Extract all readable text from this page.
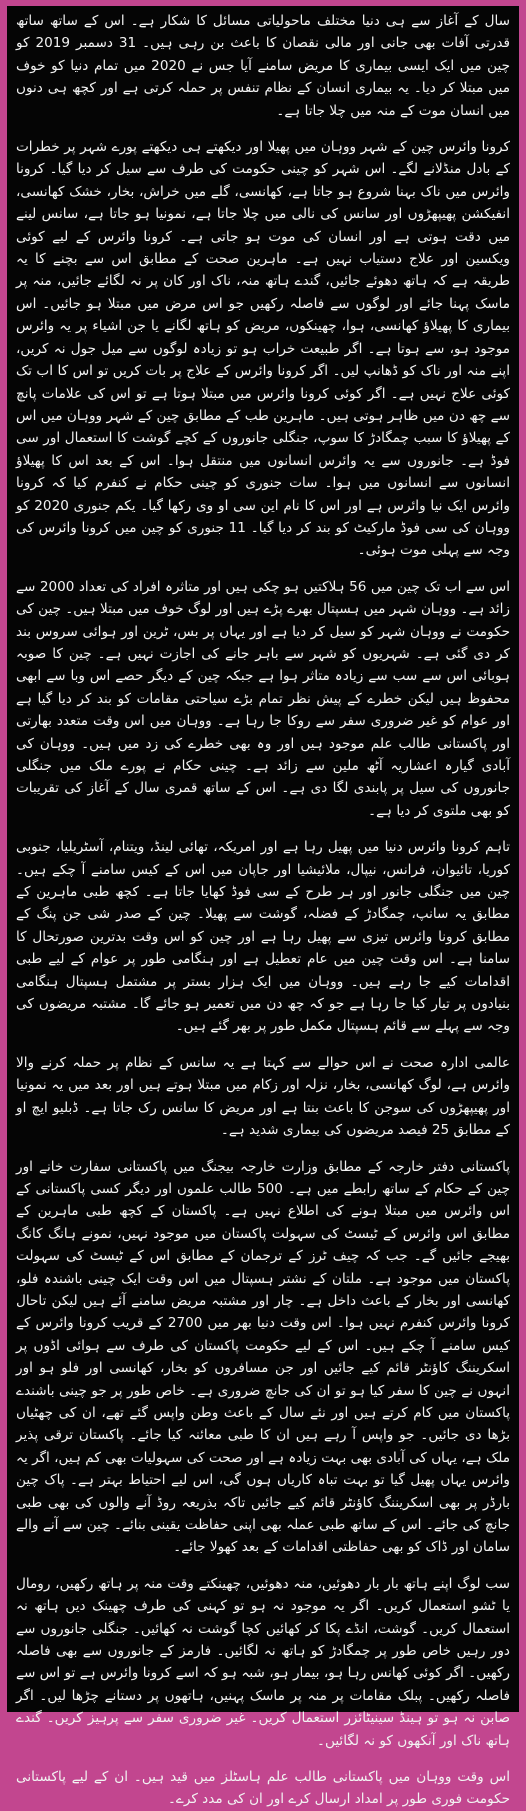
سال کے آغاز سے ہی دنیا مختلف ماحولیاتی مسائل کا شکار ہے۔ اس کے ساتھ ساتھ قدرتی آفات بھی جانی اور مالی نقصان کا باعث بن رہی ہیں۔ 31 دسمبر 2019 کو چین میں ایک ایسی بیماری کا مریض سامنے آیا جس نے 2020 میں تمام دنیا کو خوف میں مبتلا کر دیا۔ یہ بیماری انسان کے نظام تنفس پر حملہ کرتی ہے اور کچھ ہی دنوں میں انسان موت کے منہ میں چلا جاتا ہے۔

کرونا وائرس چین کے شہر ووہان میں پھیلا اور دیکھتے ہی دیکھتے پورے شہر پر خطرات کے بادل منڈلانے لگے۔ اس شہر کو چینی حکومت کی طرف سے سیل کر دیا گیا۔ کرونا وائرس میں ناک بہنا شروع ہو جاتا ہے، کھانسی، گلے میں خراش، بخار، خشک کھانسی، انفیکشن پھیپھڑوں اور سانس کی نالی میں چلا جاتا ہے، نمونیا ہو جاتا ہے، سانس لینے میں دقت ہوتی ہے اور انسان کی موت ہو جاتی ہے۔ کرونا وائرس کے لیے کوئی ویکسین اور علاج دستیاب نہیں ہے۔ ماہرین صحت کے مطابق اس سے بچنے کا یہ طریقہ ہے کہ ہاتھ دھوئے جائیں، گندے ہاتھ منہ، ناک اور کان پر نہ لگائے جائیں، منہ پر ماسک پہنا جائے اور لوگوں سے فاصلہ رکھیں جو اس مرض میں مبتلا ہو جائیں۔ اس بیماری کا پھیلاؤ کھانسی، ہوا، چھینکوں، مریض کو ہاتھ لگانے یا جن اشیاء پر یہ وائرس موجود ہو، سے ہوتا ہے۔ اگر طبیعت خراب ہو تو زیادہ لوگوں سے میل جول نہ کریں، اپنے منہ اور ناک کو ڈھانپ لیں۔ اگر کرونا وائرس کے علاج پر بات کریں تو اس کا اب تک کوئی علاج نہیں ہے۔ اگر کوئی کرونا وائرس میں مبتلا ہوتا ہے تو اس کی علامات پانچ سے چھ دن میں ظاہر ہوتی ہیں۔ ماہرین طب کے مطابق چین کے شہر ووہان میں اس کے پھیلاؤ کا سبب چمگادڑ کا سوپ، جنگلی جانوروں کے کچے گوشت کا استعمال اور سی فوڈ ہے۔ جانوروں سے یہ وائرس انسانوں میں منتقل ہوا۔ اس کے بعد اس کا پھیلاؤ انسانوں سے انسانوں میں ہوا۔ سات جنوری کو چینی حکام نے کنفرم کیا کہ کرونا وائرس ایک نیا وائرس ہے اور اس کا نام این سی او وی رکھا گیا۔ یکم جنوری 2020 کو ووہان کی سی فوڈ مارکیٹ کو بند کر دیا گیا۔ 11 جنوری کو چین میں کرونا وائرس کی وجہ سے پہلی موت ہوئی۔

اس سے اب تک چین میں 56 ہلاکتیں ہو چکی ہیں اور متاثرہ افراد کی تعداد 2000 سے زائد ہے۔ ووہان شہر میں ہسپتال بھرے پڑے ہیں اور لوگ خوف میں مبتلا ہیں۔ چین کی حکومت نے ووہان شہر کو سیل کر دیا ہے اور یہاں پر بس، ٹرین اور ہوائی سروس بند کر دی گئی ہے۔ شہریوں کو شہر سے باہر جانے کی اجازت نہیں ہے۔ چین کا صوبہ ہوبائی اس سے سب سے زیادہ متاثر ہوا ہے جبکہ چین کے دیگر حصے اس وبا سے ابھی محفوظ ہیں لیکن خطرے کے پیش نظر تمام بڑے سیاحتی مقامات کو بند کر دیا گیا ہے اور عوام کو غیر ضروری سفر سے روکا جا رہا ہے۔ ووہان میں اس وقت متعدد بھارتی اور پاکستانی طالب علم موجود ہیں اور وہ بھی خطرے کی زد میں ہیں۔ ووہان کی آبادی گیارہ اعشاریہ آٹھ ملین سے زائد ہے۔ چینی حکام نے پورے ملک میں جنگلی جانوروں کی سیل پر پابندی لگا دی ہے۔ اس کے ساتھ قمری سال کے آغاز کی تقریبات کو بھی ملتوی کر دیا ہے۔

تاہم کرونا وائرس دنیا میں پھیل رہا ہے اور امریکہ، تھائی لینڈ، ویتنام، آسٹریلیا، جنوبی کوریا، تائیوان، فرانس، نیپال، ملائیشیا اور جاپان میں اس کے کیس سامنے آ چکے ہیں۔ چین میں جنگلی جانور اور ہر طرح کے سی فوڈ کھایا جاتا ہے۔ کچھ طبی ماہرین کے مطابق یہ سانپ، چمگادڑ کے فضلہ، گوشت سے پھیلا۔ چین کے صدر شی جن پنگ کے مطابق کرونا وائرس تیزی سے پھیل رہا ہے اور چین کو اس وقت بدترین صورتحال کا سامنا ہے۔ اس وقت چین میں عام تعطیل ہے اور ہنگامی طور پر عوام کے لیے طبی اقدامات کیے جا رہے ہیں۔ ووہان میں ایک ہزار بستر پر مشتمل ہسپتال ہنگامی بنیادوں پر تیار کیا جا رہا ہے جو کہ چھ دن میں تعمیر ہو جائے گا۔ مشتبہ مریضوں کی وجہ سے پہلے سے قائم ہسپتال مکمل طور پر بھر گئے ہیں۔

عالمی ادارہ صحت نے اس حوالے سے کہتا ہے یہ سانس کے نظام پر حملہ کرنے والا وائرس ہے، لوگ کھانسی، بخار، نزلہ اور زکام میں مبتلا ہوتے ہیں اور بعد میں یہ نمونیا اور پھیپھڑوں کی سوجن کا باعث بنتا ہے اور مریض کا سانس رک جاتا ہے۔ ڈبلیو ایچ او کے مطابق 25 فیصد مریضوں کی بیماری شدید ہے۔

پاکستانی دفتر خارجہ کے مطابق وزارت خارجہ بیجنگ میں پاکستانی سفارت خانے اور چین کے حکام کے ساتھ رابطے میں ہے۔ 500 طالب علموں اور دیگر کسی پاکستانی کے اس وائرس میں مبتلا ہونے کی اطلاع نہیں ہے۔ پاکستان کے کچھ طبی ماہرین کے مطابق اس وائرس کے ٹیسٹ کی سہولت پاکستان میں موجود نہیں، نمونے ہانگ کانگ بھیجے جائیں گے۔ جب کہ چیف ٹرز کے ترجمان کے مطابق اس کے ٹیسٹ کی سہولت پاکستان میں موجود ہے۔ ملتان کے نشتر ہسپتال میں اس وقت ایک چینی باشندہ فلو، کھانسی اور بخار کے باعث داخل ہے۔ چار اور مشتبہ مریض سامنے آئے ہیں لیکن تاحال کرونا وائرس کنفرم نہیں ہوا۔ اس وقت دنیا بھر میں 2700 کے قریب کرونا وائرس کے کیس سامنے آ چکے ہیں۔ اس کے لیے حکومت پاکستان کی طرف سے ہوائی اڈوں پر اسکریننگ کاؤنٹر قائم کیے جائیں اور جن مسافروں کو بخار، کھانسی اور فلو ہو اور انہوں نے چین کا سفر کیا ہو تو ان کی جانچ ضروری ہے۔ خاص طور پر جو چینی باشندے پاکستان میں کام کرتے ہیں اور نئے سال کے باعث وطن واپس گئے تھے، ان کی چھٹیاں بڑھا دی جائیں۔ جو واپس آ رہے ہیں ان کا طبی معائنہ کیا جائے۔ پاکستان ترقی پذیر ملک ہے، یہاں کی آبادی بھی بہت زیادہ ہے اور صحت کی سہولیات بھی کم ہیں، اگر یہ وائرس یہاں پھیل گیا تو بہت تباہ کاریاں ہوں گی، اس لیے احتیاط بہتر ہے۔ پاک چین بارڈر پر بھی اسکریننگ کاؤنٹر قائم کیے جائیں تاکہ بذریعہ روڈ آنے والوں کی بھی طبی جانچ کی جائے۔ اس کے ساتھ طبی عملہ بھی اپنی حفاظت یقینی بنائے۔ چین سے آنے والے سامان اور ڈاک کو بھی حفاظتی اقدامات کے بعد کھولا جائے۔

سب لوگ اپنے ہاتھ بار بار دھوئیں، منہ دھوئیں، چھینکتے وقت منہ پر ہاتھ رکھیں، رومال یا ٹشو استعمال کریں۔ اگر یہ موجود نہ ہو تو کہنی کی طرف چھینک دیں ہاتھ نہ استعمال کریں۔ گوشت، انڈے پکا کر کھائیں کچا گوشت نہ کھائیں۔ جنگلی جانوروں سے دور رہیں خاص طور پر چمگادڑ کو ہاتھ نہ لگائیں۔ فارمز کے جانوروں سے بھی فاصلہ رکھیں۔ اگر کوئی کھانس رہا ہو، بیمار ہو، شبہ ہو کہ اسے کرونا وائرس ہے تو اس سے فاصلہ رکھیں۔ پبلک مقامات پر منہ پر ماسک پہنیں، ہاتھوں پر دستانے چڑھا لیں۔ اگر صابن نہ ہو تو ہینڈ سینیٹائزر استعمال کریں۔ غیر ضروری سفر سے پرہیز کریں۔ گندے ہاتھ ناک اور آنکھوں کو نہ لگائیں۔

اس وقت ووہان میں پاکستانی طالب علم ہاسٹلز میں قید ہیں۔ ان کے لیے پاکستانی حکومت فوری طور پر امداد ارسال کرے اور ان کی مدد کرے۔
